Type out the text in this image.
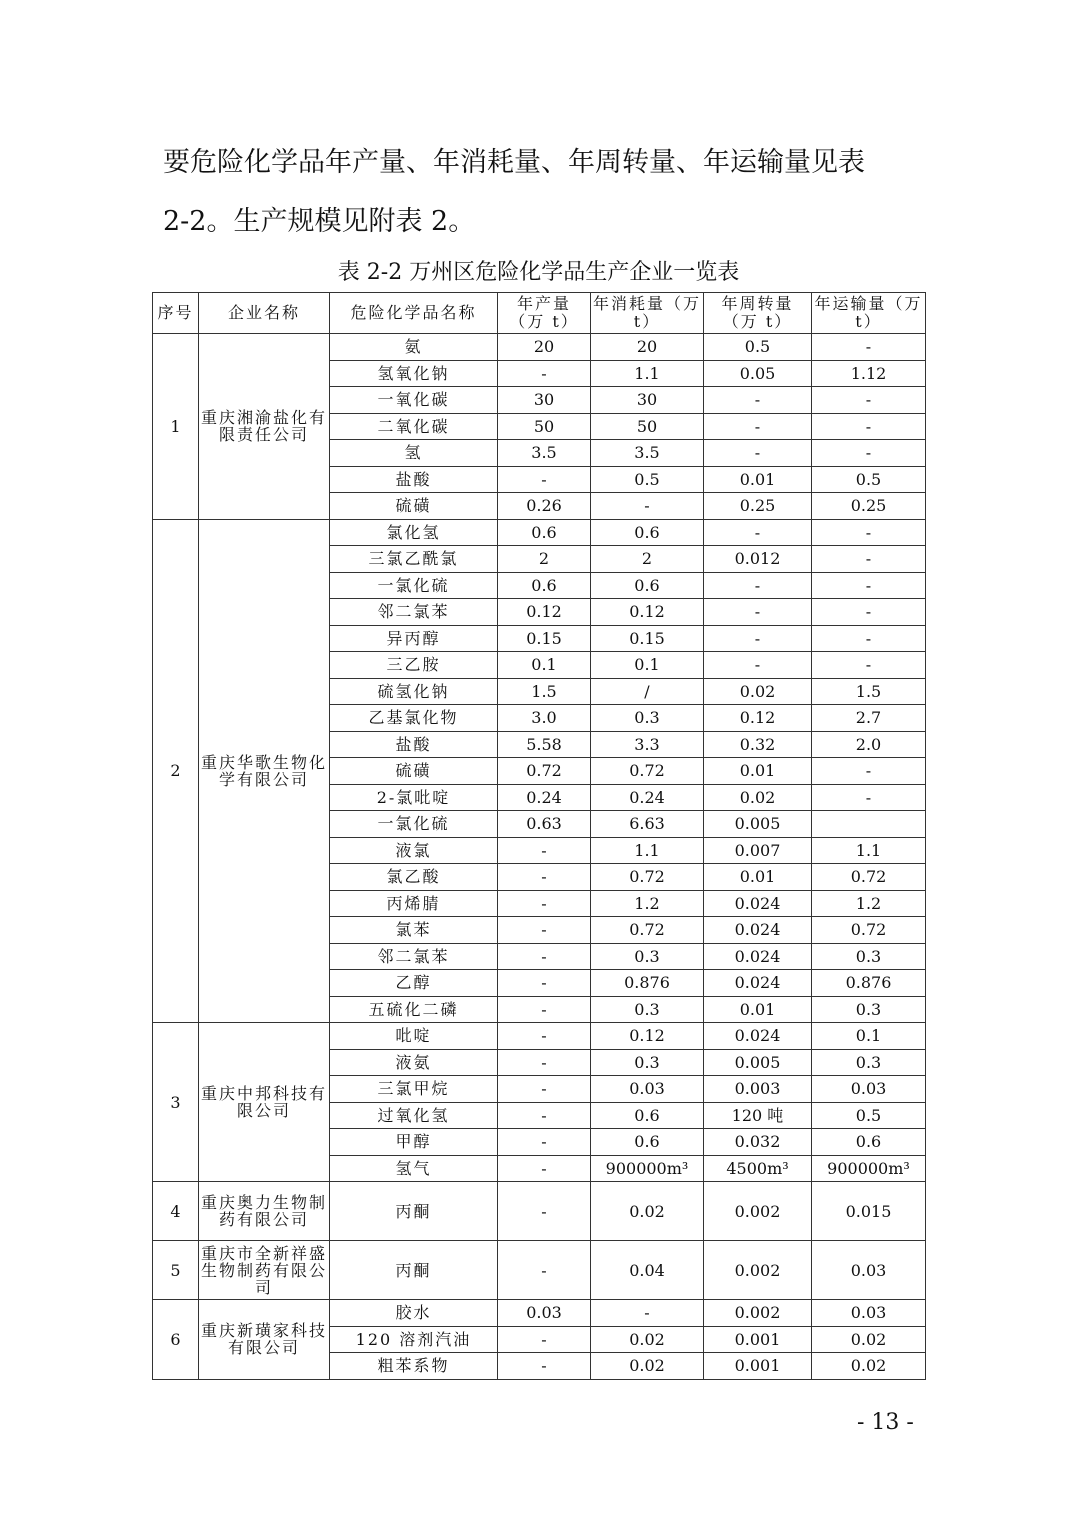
要危险化学品年产量、年消耗量、年周转量、年运输量见表
2-2。生产规模见附表 2。
表 2-2 万州区危险化学品生产企业一览表
序号	企业名称	危险化学品名称	年产量（万 t）	年消耗量（万 t）	年周转量（万 t）	年运输量（万 t）
1	重庆湘渝盐化有限责任公司	氨	20	20	0.5	-
		氢氧化钠	-	1.1	0.05	1.12
		一氧化碳	30	30	-	-
		二氧化碳	50	50	-	-
		氢	3.5	3.5	-	-
		盐酸	-	0.5	0.01	0.5
		硫磺	0.26	-	0.25	0.25
2	重庆华歌生物化学有限公司	氯化氢	0.6	0.6	-	-
		三氯乙酰氯	2	2	0.012	-
		一氯化硫	0.6	0.6	-	-
		邻二氯苯	0.12	0.12	-	-
		异丙醇	0.15	0.15	-	-
		三乙胺	0.1	0.1	-	-
		硫氢化钠	1.5	/	0.02	1.5
		乙基氯化物	3.0	0.3	0.12	2.7
		盐酸	5.58	3.3	0.32	2.0
		硫磺	0.72	0.72	0.01	-
		2-氯吡啶	0.24	0.24	0.02	-
		一氯化硫	0.63	6.63	0.005	
		液氯	-	1.1	0.007	1.1
		氯乙酸	-	0.72	0.01	0.72
		丙烯腈	-	1.2	0.024	1.2
		氯苯	-	0.72	0.024	0.72
		邻二氯苯	-	0.3	0.024	0.3
		乙醇	-	0.876	0.024	0.876
		五硫化二磷	-	0.3	0.01	0.3
3	重庆中邦科技有限公司	吡啶	-	0.12	0.024	0.1
		液氨	-	0.3	0.005	0.3
		三氯甲烷	-	0.03	0.003	0.03
		过氧化氢	-	0.6	120 吨	0.5
		甲醇	-	0.6	0.032	0.6
		氢气	-	900000m³	4500m³	900000m³
4	重庆奥力生物制药有限公司	丙酮	-	0.02	0.002	0.015
5	重庆市全新祥盛生物制药有限公司	丙酮	-	0.04	0.002	0.03
6	重庆新璜家科技有限公司	胶水	0.03	-	0.002	0.03
		120 溶剂汽油	-	0.02	0.001	0.02
		粗苯系物	-	0.02	0.001	0.02
- 13 -
